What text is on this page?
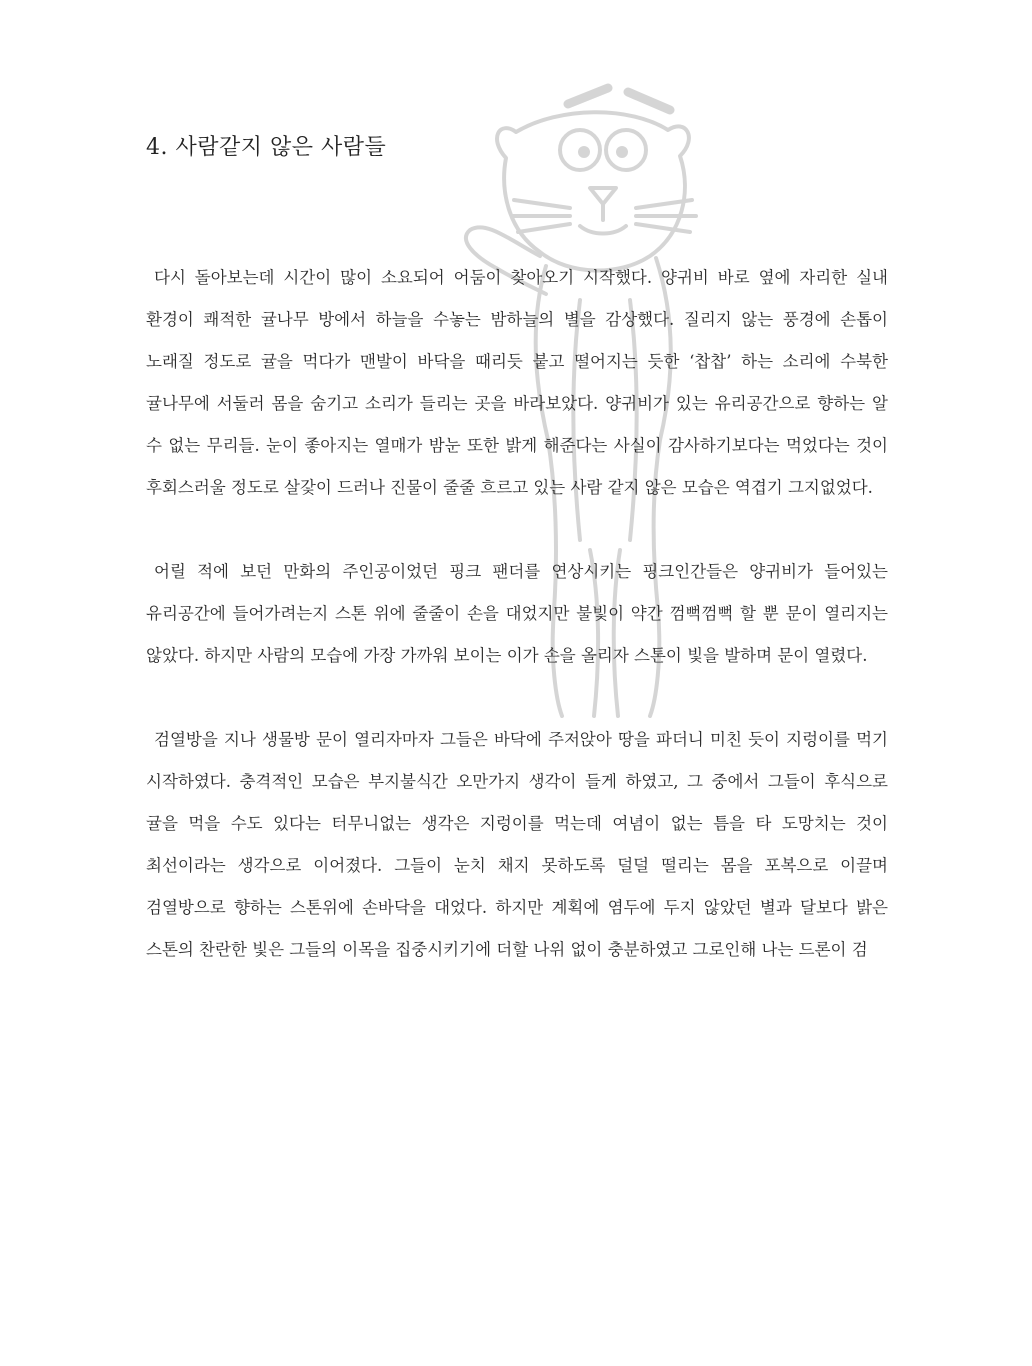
4. 사람같지 않은 사람들

다시 돌아보는데 시간이 많이 소요되어 어둠이 찾아오기 시작했다. 양귀비 바로 옆에 자리한 실내 환경이 쾌적한 귤나무 방에서 하늘을 수놓는 밤하늘의 별을 감상했다. 질리지 않는 풍경에 손톱이 노래질 정도로 귤을 먹다가 맨발이 바닥을 때리듯 붙고 떨어지는 듯한 ‘찹찹’ 하는 소리에 수북한 귤나무에 서둘러 몸을 숨기고 소리가 들리는 곳을 바라보았다. 양귀비가 있는 유리공간으로 향하는 알 수 없는 무리들. 눈이 좋아지는 열매가 밤눈 또한 밝게 해준다는 사실이 감사하기보다는 먹었다는 것이 후회스러울 정도로 살갗이 드러나 진물이 줄줄 흐르고 있는 사람 같지 않은 모습은 역겹기 그지없었다.

어릴 적에 보던 만화의 주인공이었던 핑크 팬더를 연상시키는 핑크인간들은 양귀비가 들어있는 유리공간에 들어가려는지 스톤 위에 줄줄이 손을 대었지만 불빛이 약간 껌뻑껌뻑 할 뿐 문이 열리지는 않았다. 하지만 사람의 모습에 가장 가까워 보이는 이가 손을 올리자 스톤이 빛을 발하며 문이 열렸다.

검열방을 지나 생물방 문이 열리자마자 그들은 바닥에 주저앉아 땅을 파더니 미친 듯이 지렁이를 먹기 시작하였다. 충격적인 모습은 부지불식간 오만가지 생각이 들게 하였고, 그 중에서 그들이 후식으로 귤을 먹을 수도 있다는 터무니없는 생각은 지렁이를 먹는데 여념이 없는 틈을 타 도망치는 것이 최선이라는 생각으로 이어졌다. 그들이 눈치 채지 못하도록 덜덜 떨리는 몸을 포복으로 이끌며 검열방으로 향하는 스톤위에 손바닥을 대었다. 하지만 계획에 염두에 두지 않았던 별과 달보다 밝은 스톤의 찬란한 빛은 그들의 이목을 집중시키기에 더할 나위 없이 충분하였고 그로인해 나는 드론이 검
